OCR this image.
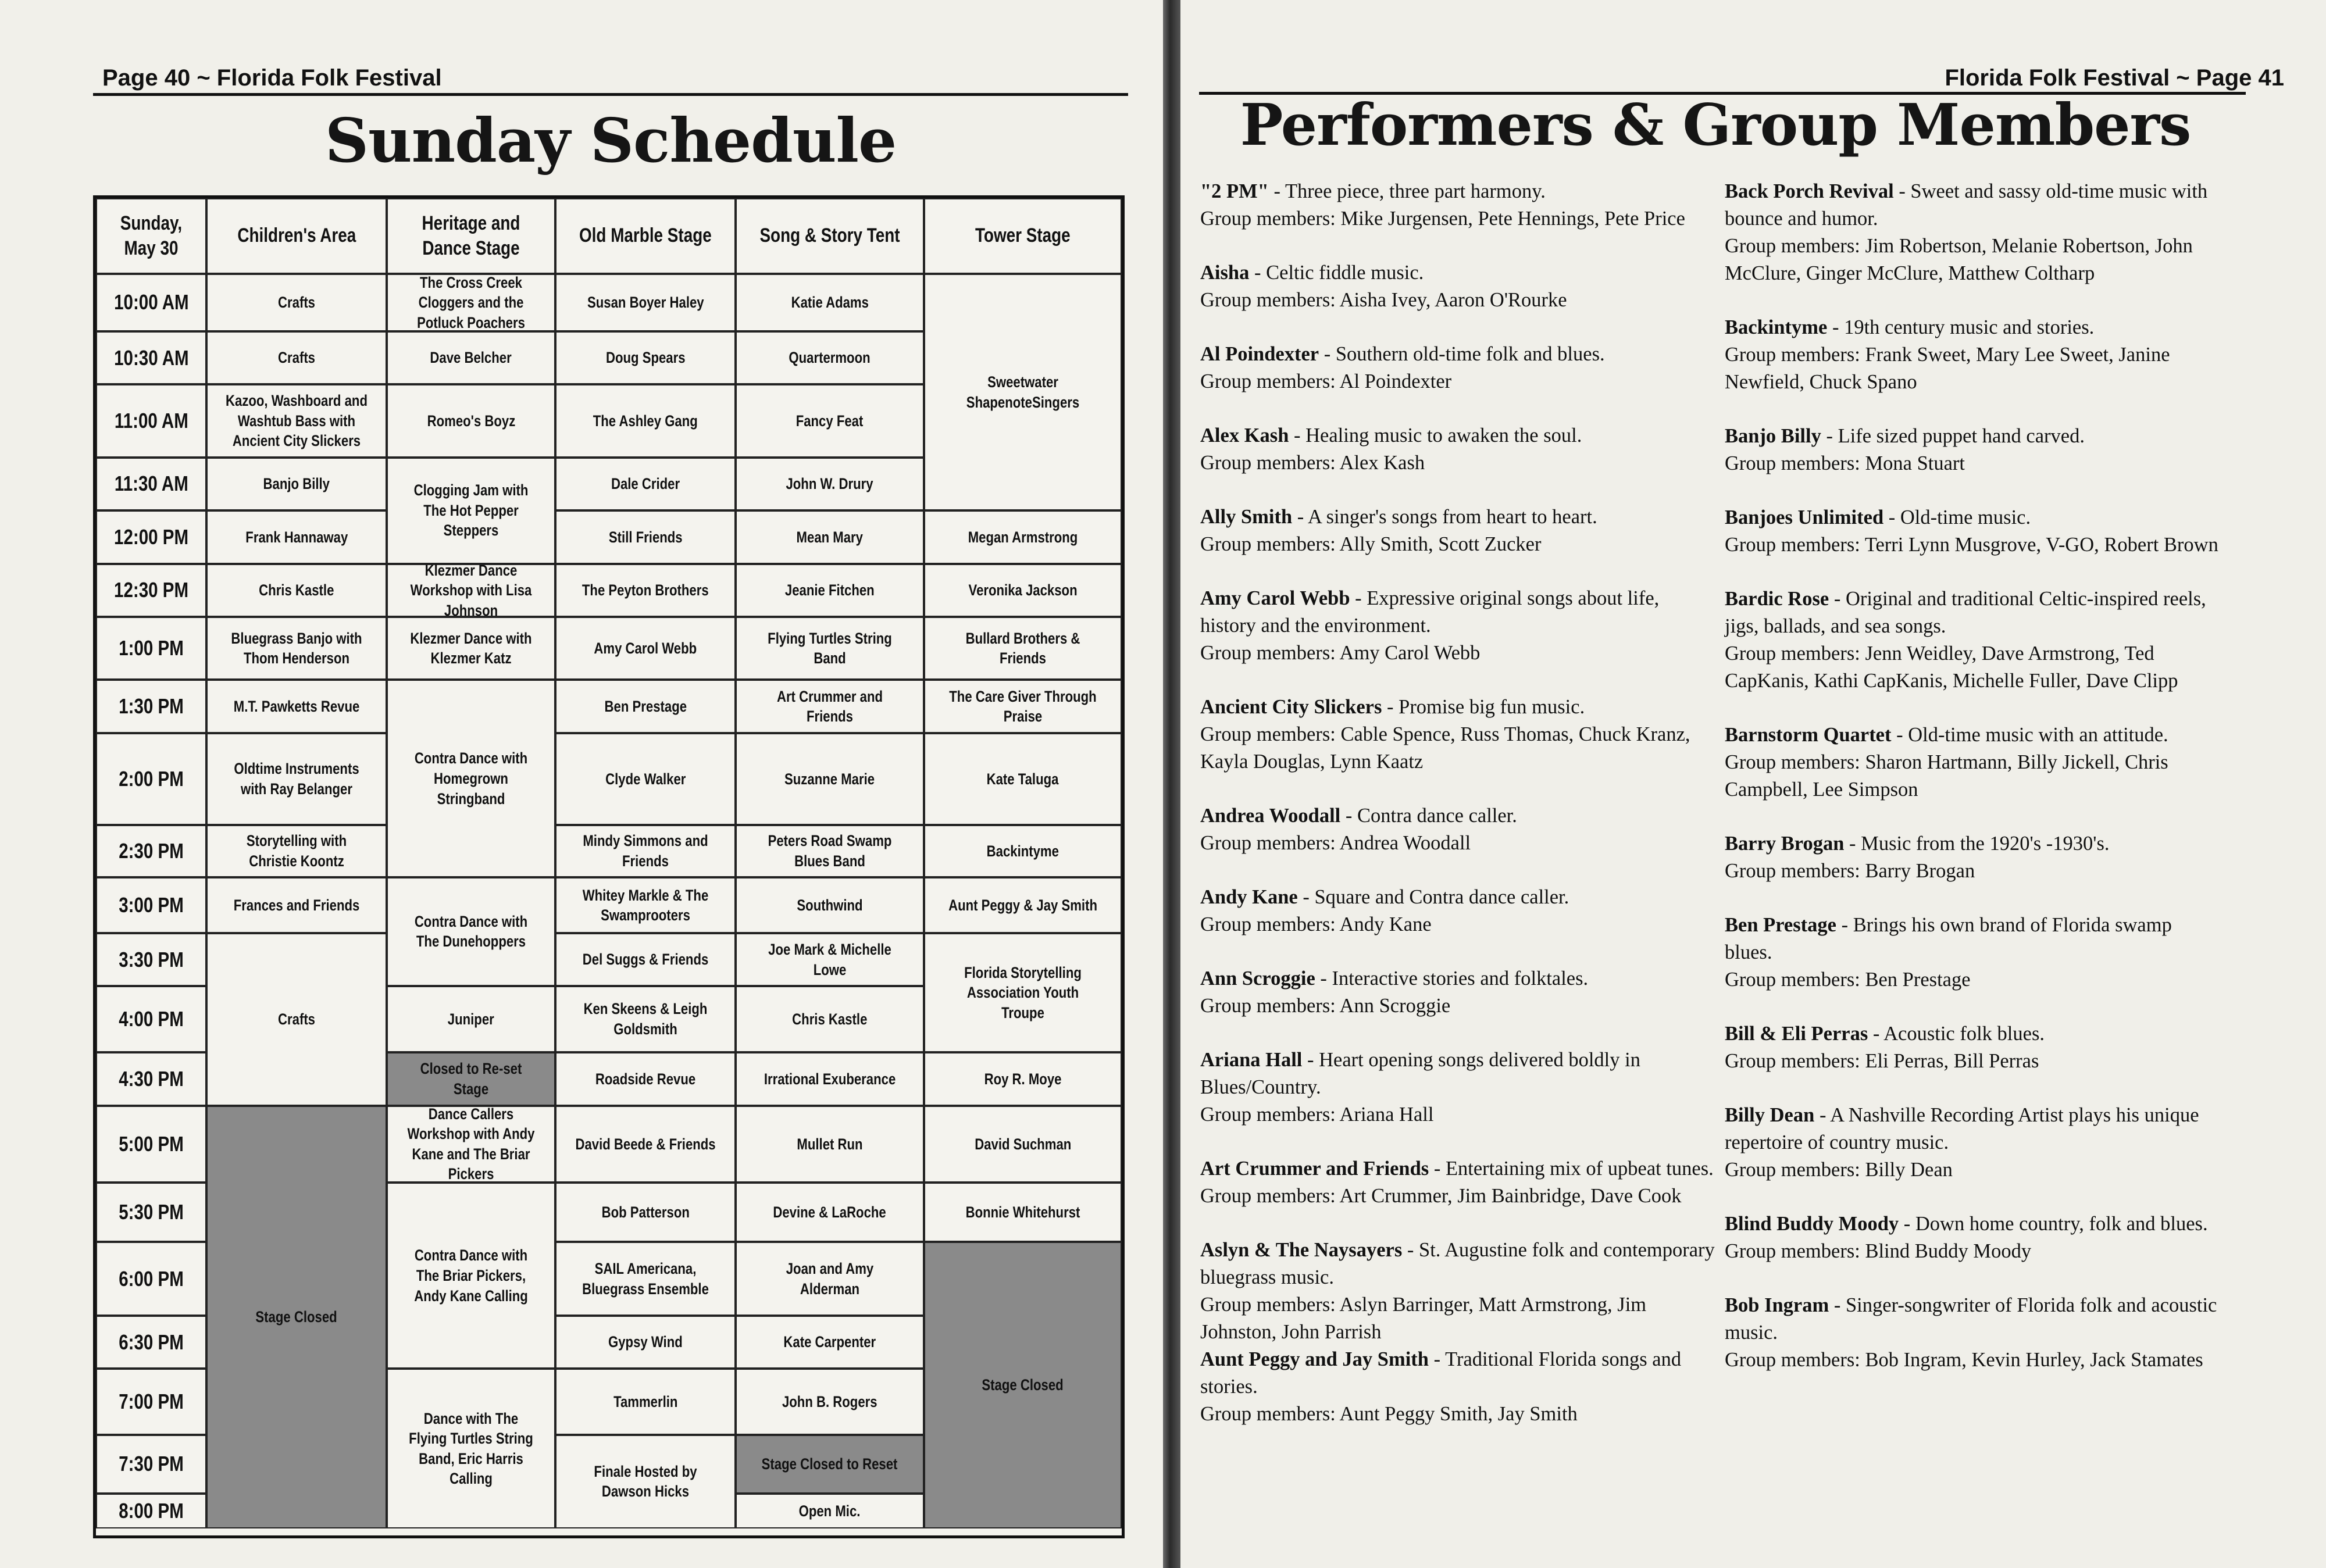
Page 40 ~ Florida Folk Festival
Sunday Schedule
Sunday, May 30
Children's Area
Heritage and Dance Stage
Old Marble Stage Song & Story Tent	Tower Stage
10:00 AM
10:30 AM
11:00 AM
11:30 AM
12:00 PM
12:30 PM
1:00 PM
1:30 PM
2:00 PM
2:30 PM
3:00 PM
3:30 PM
4:00 PM
4:30 PM
5:00 PM
5:30 PM
6:00 PM
6:30 PM
7:00 PM
7:30 PM
8:00 PM
Crafts
Crafts
Kazoo, Washboard and Washtub Bass with Ancient City Slickers
Banjo Billy
Frank Hannaway
Chris Kastle
Bluegrass Banjo with Thom Henderson
M.T. Pawketts Revue
Oldtime Instruments with Ray Belanger
Storytelling with Christie Koontz
Frances and Friends
Crafts
Stage Closed
The Cross Creek Cloggers and the Potluck Poachers
Dave Belcher
Romeo's Boyz
Clogging Jam with The Hot Pepper Steppers
Klezmer Dance Workshop with Lisa Johnson
Klezmer Dance with Klezmer Katz
Contra Dance with Homegrown Stringband
Contra Dance with The Dunehoppers
Juniper
Closed to Re-set Stage
Dance Callers Workshop with Andy Kane and The Briar Pickers
Contra Dance with The Briar Pickers, Andy Kane Calling
Dance with The Flying Turtles String Band, Eric Harris Calling
Susan Boyer Haley
Doug Spears
The Ashley Gang
Dale Crider
Still Friends
The Peyton Brothers
Amy Carol Webb
Ben Prestage
Clyde Walker
Mindy Simmons and Friends
Whitey Markle & The Swamprooters
Del Suggs & Friends
Ken Skeens & Leigh Goldsmith
Roadside Revue
David Beede & Friends
Bob Patterson
SAIL Americana, Bluegrass Ensemble
Gypsy Wind
Tammerlin
Finale Hosted by Dawson Hicks
Katie Adams
Quartermoon
Fancy Feat
John W. Drury
Mean Mary
Jeanie Fitchen
Flying Turtles String Band
Art Crummer and Friends
Suzanne Marie
Peters Road Swamp Blues Band
Southwind
Joe Mark & Michelle Lowe
Chris Kastle
Irrational Exuberance
Mullet Run
Devine & LaRoche
Joan and Amy Alderman
Kate Carpenter
John B. Rogers
Stage Closed to Reset
Open Mic.
Sweetwater ShapenoteSingers
Megan Armstrong
Veronika Jackson
Bullard Brothers & Friends
The Care Giver Through Praise
Kate Taluga
Backintyme
Aunt Peggy & Jay Smith
Florida Storytelling Association Youth Troupe
Roy R. Moye
David Suchman
Bonnie Whitehurst
Stage Closed
Florida Folk Festival ~ Page 41
Performers & Group Members
"2 PM" - Three piece, three part harmony.
Group members: Mike Jurgensen, Pete Hennings, Pete Price
Aisha - Celtic fiddle music.
Group members: Aisha Ivey, Aaron O'Rourke
Al Poindexter - Southern old-time folk and blues.
Group members: Al Poindexter
Alex Kash - Healing music to awaken the soul.
Group members: Alex Kash
Ally Smith - A singer's songs from heart to heart.
Group members: Ally Smith, Scott Zucker
Amy Carol Webb - Expressive original songs about life, history and the environment.
Group members: Amy Carol Webb
Ancient City Slickers - Promise big fun music.
Group members: Cable Spence, Russ Thomas, Chuck Kranz, Kayla Douglas, Lynn Kaatz
Andrea Woodall - Contra dance caller.
Group members: Andrea Woodall
Andy Kane - Square and Contra dance caller.
Group members: Andy Kane
Ann Scroggie - Interactive stories and folktales.
Group members: Ann Scroggie
Ariana Hall - Heart opening songs delivered boldly in Blues/Country.
Group members: Ariana Hall
Art Crummer and Friends - Entertaining mix of upbeat tunes.
Group members: Art Crummer, Jim Bainbridge, Dave Cook
Aslyn & The Naysayers - St. Augustine folk and contemporary bluegrass music.
Group members: Aslyn Barringer, Matt Armstrong, Jim Johnston, John Parrish
Aunt Peggy and Jay Smith - Traditional Florida songs and stories.
Group members: Aunt Peggy Smith, Jay Smith
Back Porch Revival - Sweet and sassy old-time music with bounce and humor.
Group members: Jim Robertson, Melanie Robertson, John McClure, Ginger McClure, Matthew Coltharp
Backintyme - 19th century music and stories.
Group members: Frank Sweet, Mary Lee Sweet, Janine Newfield, Chuck Spano
Banjo Billy - Life sized puppet hand carved.
Group members: Mona Stuart
Banjoes Unlimited - Old-time music.
Group members: Terri Lynn Musgrove, V-GO, Robert Brown
Bardic Rose - Original and traditional Celtic-inspired reels, jigs, ballads, and sea songs.
Group members: Jenn Weidley, Dave Armstrong, Ted CapKanis, Kathi CapKanis, Michelle Fuller, Dave Clipp
Barnstorm Quartet - Old-time music with an attitude.
Group members: Sharon Hartmann, Billy Jickell, Chris Campbell, Lee Simpson
Barry Brogan - Music from the 1920's -1930's.
Group members: Barry Brogan
Ben Prestage - Brings his own brand of Florida swamp blues.
Group members: Ben Prestage
Bill & Eli Perras - Acoustic folk blues.
Group members: Eli Perras, Bill Perras
Billy Dean - A Nashville Recording Artist plays his unique repertoire of country music.
Group members: Billy Dean
Blind Buddy Moody - Down home country, folk and blues.
Group members: Blind Buddy Moody
Bob Ingram - Singer-songwriter of Florida folk and acoustic music.
Group members: Bob Ingram, Kevin Hurley, Jack Stamates
